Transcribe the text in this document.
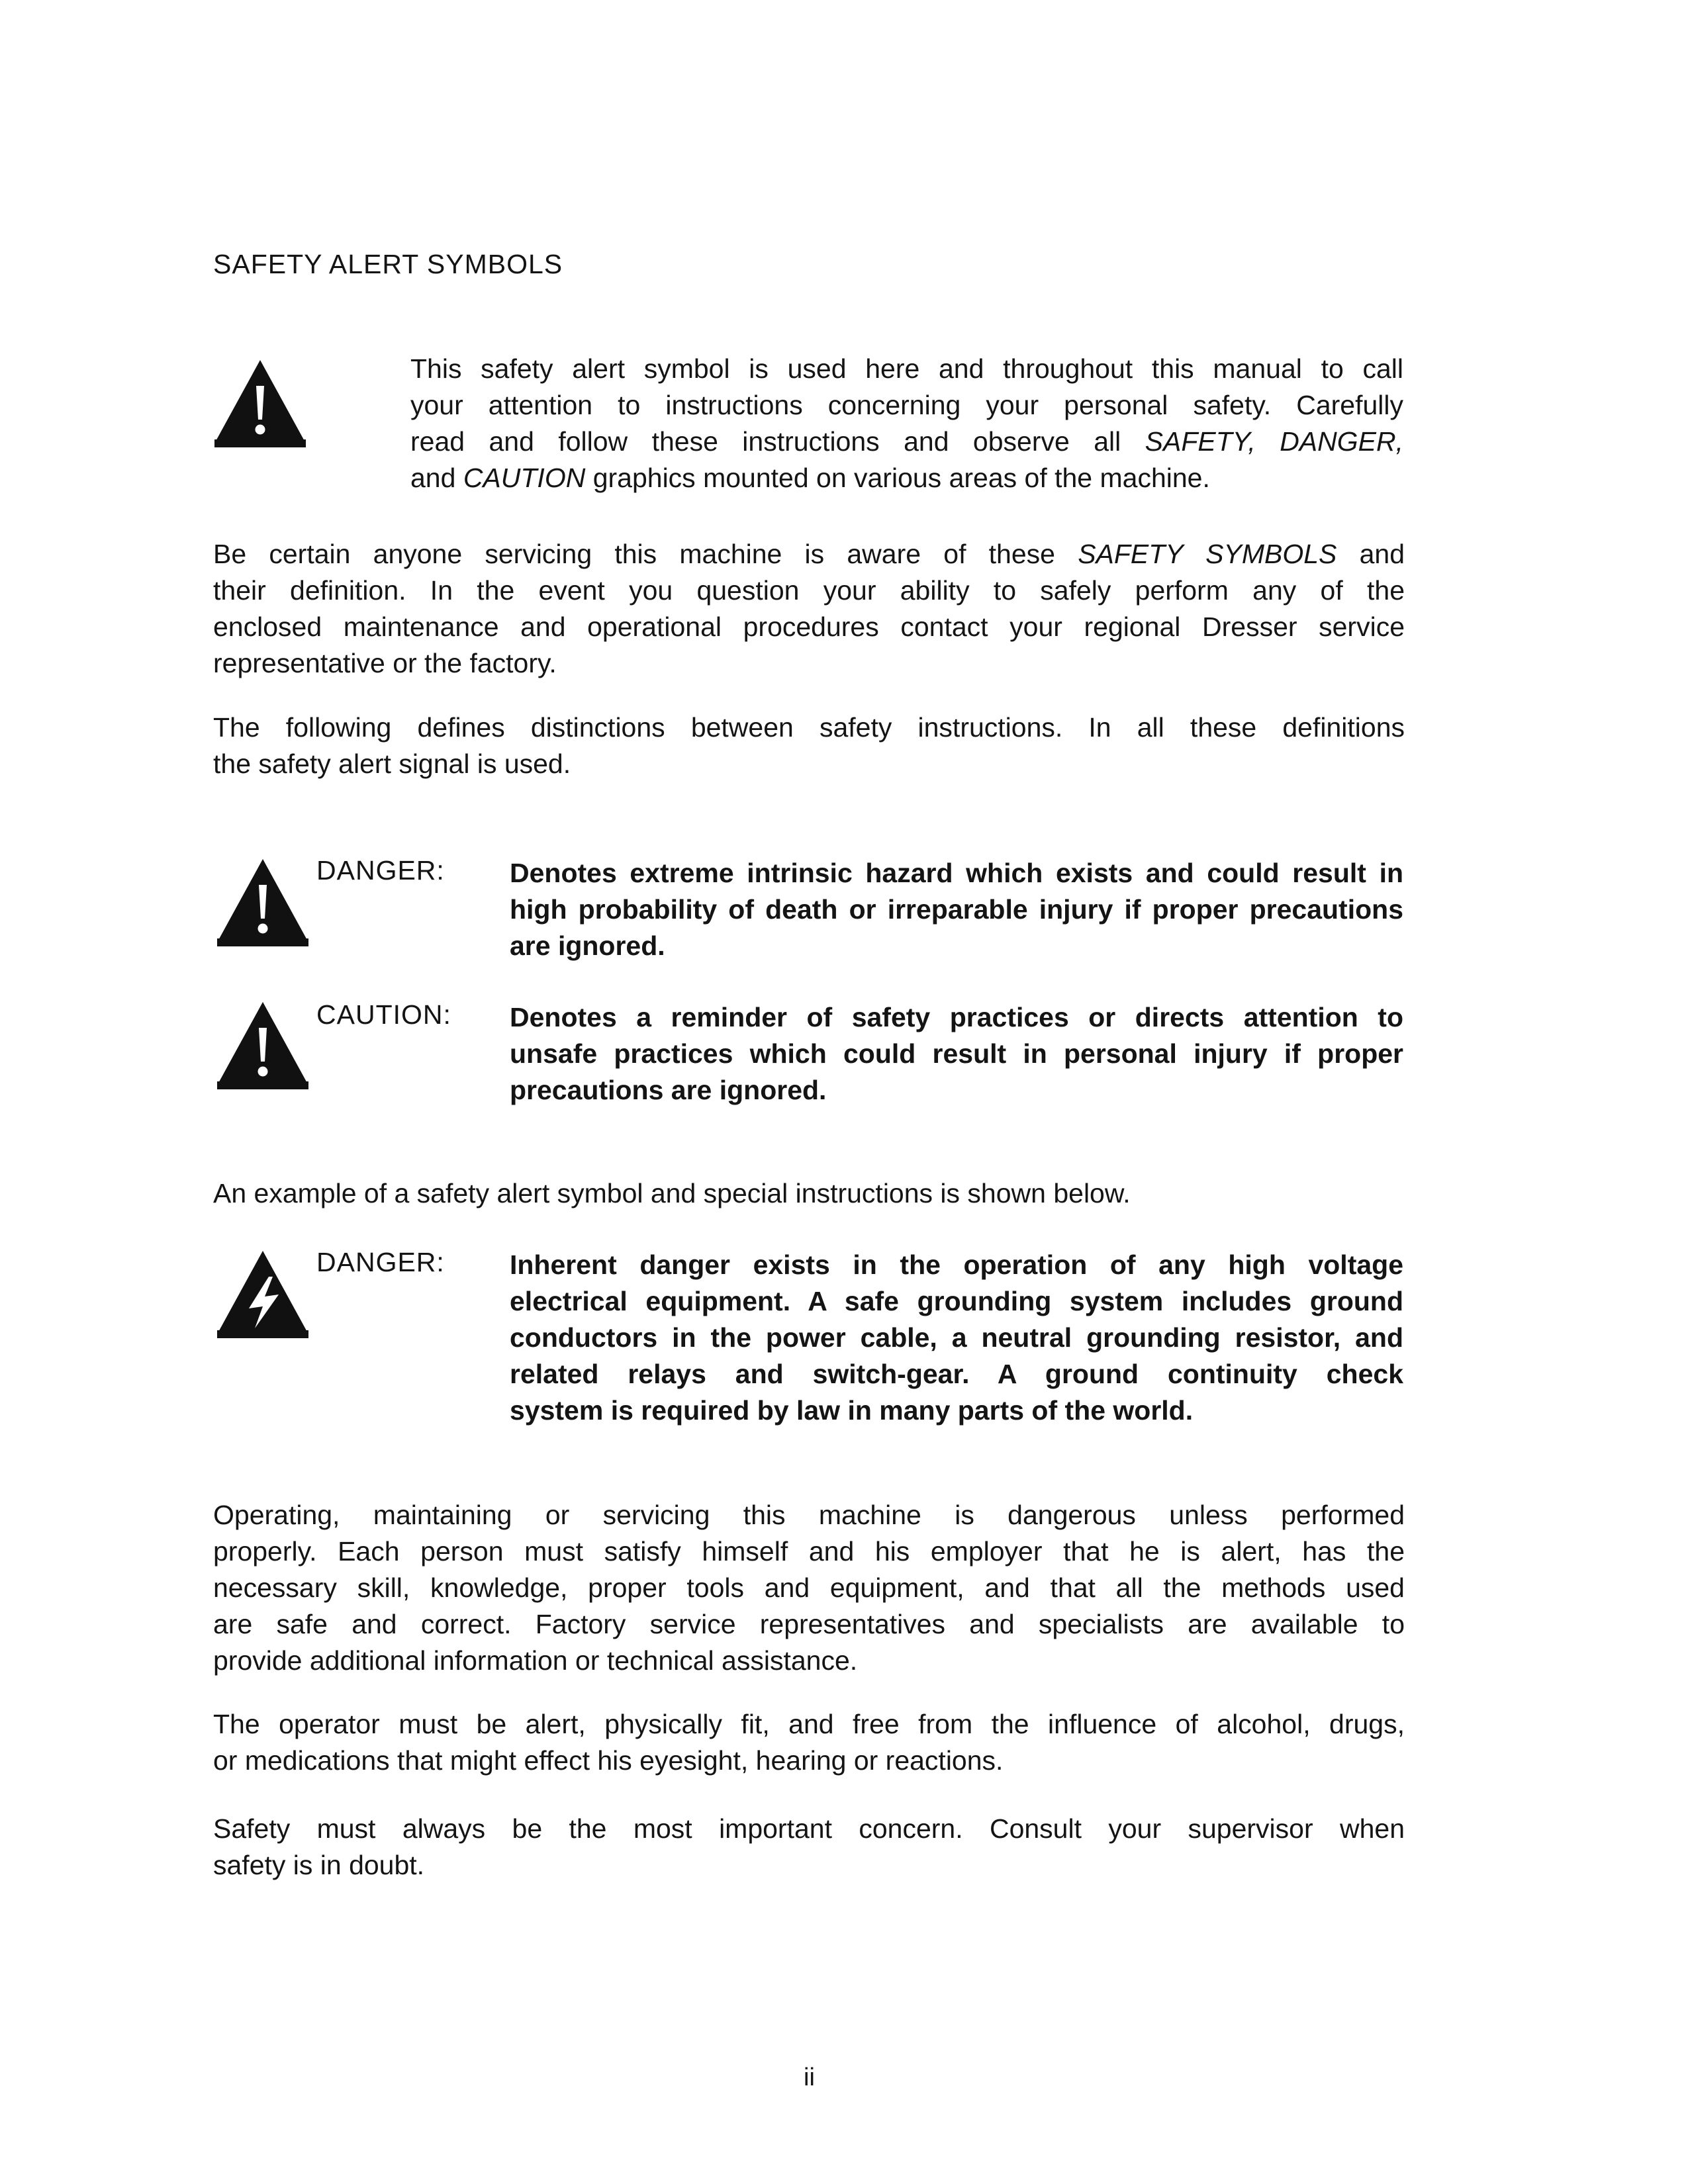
SAFETY ALERT SYMBOLS
This safety alert symbol is used here and throughout this manual to call
your attention to instructions concerning your personal safety. Carefully
read and follow these instructions and observe all SAFETY, DANGER,
and CAUTION graphics mounted on various areas of the machine.
Be certain anyone servicing this machine is aware of these SAFETY SYMBOLS and
their definition. In the event you question your ability to safely perform any of the
enclosed maintenance and operational procedures contact your regional Dresser service
representative or the factory.
The following defines distinctions between safety instructions. In all these definitions
the safety alert signal is used.
DANGER: Denotes extreme intrinsic hazard which exists and could result in
high probability of death or irreparable injury if proper precautions
are ignored.
CAUTION: Denotes a reminder of safety practices or directs attention to
unsafe practices which could result in personal injury if proper
precautions are ignored.
An example of a safety alert symbol and special instructions is shown below.
DANGER: Inherent danger exists in the operation of any high voltage
electrical equipment. A safe grounding system includes ground
conductors in the power cable, a neutral grounding resistor, and
related relays and switch-gear. A ground continuity check
system is required by law in many parts of the world.
Operating, maintaining or servicing this machine is dangerous unless performed
properly. Each person must satisfy himself and his employer that he is alert, has the
necessary skill, knowledge, proper tools and equipment, and that all the methods used
are safe and correct. Factory service representatives and specialists are available to
provide additional information or technical assistance.
The operator must be alert, physically fit, and free from the influence of alcohol, drugs,
or medications that might effect his eyesight, hearing or reactions.
Safety must always be the most important concern. Consult your supervisor when
safety is in doubt.
ii
